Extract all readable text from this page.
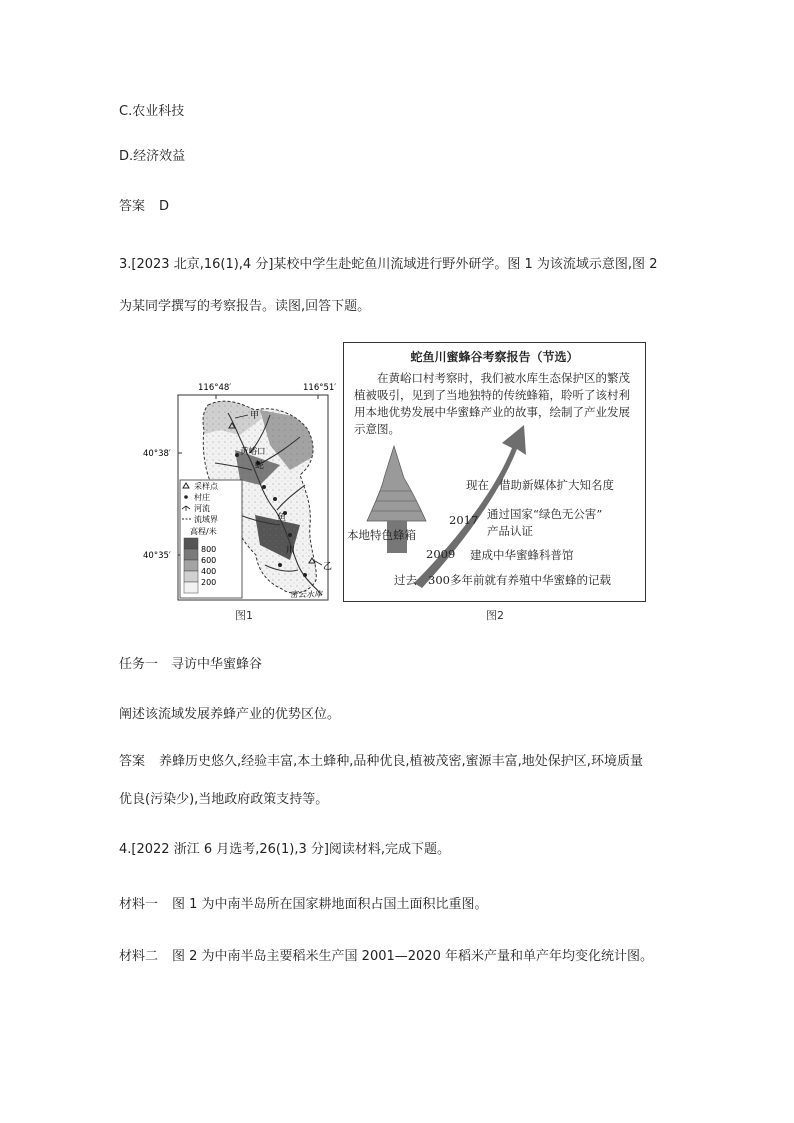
C.农业科技
D.经济效益
答案 D
3.[2023 北京,16(1),4 分]某校中学生赴蛇鱼川流域进行野外研学。图 1 为该流域示意图,图 2
为某同学撰写的考察报告。读图,回答下题。
116°48′	116°51′
40°38′
40°35′
甲
乙
黄峪口
蛇
鱼
川
密云水库
采样点
村庄
河流
流域界
高程/米
800
600
400
200
图1
蛇鱼川蜜蜂谷考察报告（节选）
在黄峪口村考察时，我们被水库生态保护区的繁茂植被吸引，见到了当地独特的传统蜂箱，聆听了该村利用本地优势发展中华蜜蜂产业的故事，绘制了产业发展示意图。
现在 借助新媒体扩大知名度
2017 通过国家“绿色无公害”
产品认证
本地特色蜂箱
2009 建成中华蜜蜂科普馆
过去 300多年前就有养殖中华蜜蜂的记载
图2
任务一　寻访中华蜜蜂谷
阐述该流域发展养蜂产业的优势区位。
答案 养蜂历史悠久,经验丰富,本土蜂种,品种优良,植被茂密,蜜源丰富,地处保护区,环境质量
优良(污染少),当地政府政策支持等。
4.[2022 浙江 6 月选考,26(1),3 分]阅读材料,完成下题。
材料一 图 1 为中南半岛所在国家耕地面积占国土面积比重图。
材料二 图 2 为中南半岛主要稻米生产国 2001—2020 年稻米产量和单产年均变化统计图。
